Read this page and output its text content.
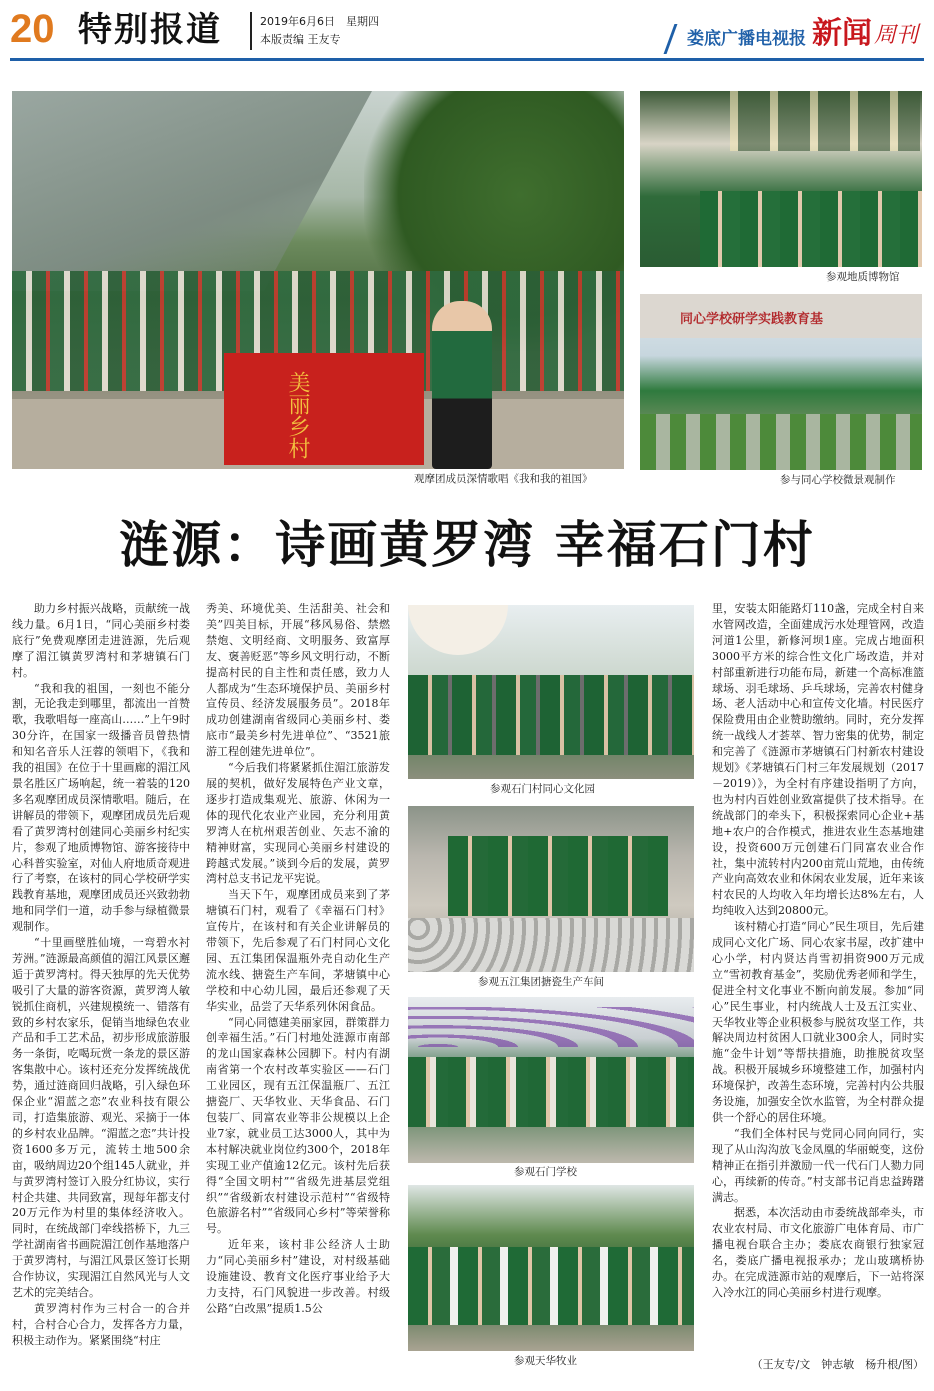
20 特别报道	2019年6月6日　星期四
本版责编 王友专	娄底广播电视报 新闻 周刊
美丽乡村
观摩团成员深情歌唱《我和我的祖国》
参观地质博物馆
同心学校研学实践教育基
参与同心学校微景观制作
涟源：诗画黄罗湾 幸福石门村

助力乡村振兴战略，贡献统一战线力量。6月1日，“同心美丽乡村娄底行”免费观摩团走进涟源，先后观摩了湄江镇黄罗湾村和茅塘镇石门村。

“我和我的祖国，一刻也不能分割，无论我走到哪里，都流出一首赞歌，我歌唱每一座高山……”上午9时30分许，在国家一级播音员曾热情和知名音乐人汪蓉的领唱下，《我和我的祖国》在位于十里画廊的湄江风景名胜区广场响起，统一着装的120多名观摩团成员深情歌唱。随后，在讲解员的带领下，观摩团成员先后观看了黄罗湾村创建同心美丽乡村纪实片，参观了地质博物馆、游客接待中心科普实验室，对仙人府地质奇观进行了考察，在该村的同心学校研学实践教育基地，观摩团成员还兴致勃勃地和同学们一道，动手参与绿植微景观制作。

“十里画壁胜仙境，一弯碧水衬芳洲。”涟源最高颜值的湄江风景区邂逅于黄罗湾村。得天独厚的先天优势吸引了大量的游客资源，黄罗湾人敏锐抓住商机，兴建规模统一、错落有致的乡村农家乐，促销当地绿色农业产品和手工艺术品，初步形成旅游服务一条街，吃喝玩赏一条龙的景区游客集散中心。该村还充分发挥统战优势，通过涟商回归战略，引入绿色环保企业“湄蓝之恋”农业科技有限公司，打造集旅游、观光、采摘于一体的乡村农业品牌。“湄蓝之恋”共计投资1600多万元，流转土地500余亩，吸纳周边20个组145人就业，并与黄罗湾村签订入股分红协议，实行村企共建、共同致富，现每年都支付20万元作为村里的集体经济收入。同时，在统战部门牵线搭桥下，九三学社湖南省书画院湄江创作基地落户于黄罗湾村，与湄江风景区签订长期合作协议，实现湄江自然风光与人文艺术的完美结合。

黄罗湾村作为三村合一的合并村，合村合心合力，发挥各方力量，积极主动作为。紧紧围绕“村庄

秀美、环境优美、生活甜美、社会和美”四美目标，开展“移风易俗、禁燃禁炮、文明经商、文明服务、致富厚友、褒善贬恶”等乡风文明行动，不断提高村民的自主性和责任感，致力人人都成为“生态环境保护员、美丽乡村宣传员、经济发展服务员”。2018年成功创建湖南省级同心美丽乡村、娄底市“最美乡村先进单位”、“3521旅游工程创建先进单位”。

“今后我们将紧紧抓住湄江旅游发展的契机，做好发展特色产业文章，逐步打造成集观光、旅游、休闲为一体的现代化农业产业园，充分利用黄罗湾人在杭州艰苦创业、矢志不渝的精神财富，实现同心美丽乡村建设的跨越式发展。”谈到今后的发展，黄罗湾村总支书记龙平宪说。

当天下午，观摩团成员来到了茅塘镇石门村，观看了《幸福石门村》宣传片，在该村和有关企业讲解员的带领下，先后参观了石门村同心文化园、五江集团保温瓶外壳自动化生产流水线、搪瓷生产车间，茅塘镇中心学校和中心幼儿园，最后还参观了天华实业，品尝了天华系列休闲食品。

“同心同德建美丽家园，群策群力创幸福生活。”石门村地处涟源市南部的龙山国家森林公园脚下。村内有湖南省第一个农村改革实验区——石门工业园区，现有五江保温瓶厂、五江搪瓷厂、天华牧业、天华食品、石门包装厂、同富农业等非公规模以上企业7家，就业员工达3000人，其中为本村解决就业岗位约300个，2018年实现工业产值逾12亿元。该村先后获得“全国文明村”“省级先进基层党组织”“省级新农村建设示范村”“省级特色旅游名村”“省级同心乡村”等荣誉称号。

近年来，该村非公经济人士助力“同心美丽乡村”建设，对村级基础设施建设、教育文化医疗事业给予大力支持，石门风貌进一步改善。村级公路“白改黑”提质1.5公

参观石门村同心文化园
参观五江集团搪瓷生产车间
参观石门学校
参观天华牧业

里，安装太阳能路灯110盏，完成全村自来水管网改造，全面建成污水处理管网，改造河道1公里，新修河坝1座。完成占地面积3000平方米的综合性文化广场改造，并对村部重新进行功能布局，新建一个高标准篮球场、羽毛球场、乒乓球场，完善农村健身场、老人活动中心和宣传文化墙。村民医疗保险费用由企业赞助缴纳。同时，充分发挥统一战线人才荟萃、智力密集的优势，制定和完善了《涟源市茅塘镇石门村新农村建设规划》《茅塘镇石门村三年发展规划（2017－2019）》，为全村有序建设指明了方向，也为村内百姓创业致富提供了技术指导。在统战部门的牵头下，积极探索同心企业+基地+农户的合作模式，推进农业生态基地建设，投资600万元创建石门同富农业合作社，集中流转村内200亩荒山荒地，由传统产业向高效农业和休闲农业发展，近年来该村农民的人均收入年均增长达8%左右，人均纯收入达到20800元。

该村精心打造“同心”民生项目，先后建成同心文化广场、同心农家书屋，改扩建中心小学，村内贤达肖雪初捐资900万元成立“雪初教育基金”，奖励优秀老师和学生，促进全村文化事业不断向前发展。参加“同心”民生事业，村内统战人士及五江实业、天华牧业等企业积极参与脱贫攻坚工作，共解决周边村贫困人口就业300余人，同时实施“金牛计划”等帮扶措施，助推脱贫攻坚战。积极开展城乡环境整建工作，加强村内环境保护，改善生态环境，完善村内公共服务设施，加强安全饮水监管，为全村群众提供一个舒心的居住环境。

“我们全体村民与党同心同向同行，实现了从山沟沟放飞金凤凰的华丽蜕变，这份精神正在指引并激励一代一代石门人勠力同心，再续新的传奇。”村支部书记肖忠益踌躇满志。

据悉，本次活动由市委统战部牵头，市农业农村局、市文化旅游广电体育局、市广播电视台联合主办；娄底农商银行独家冠名，娄底广播电视报承办；龙山玻璃桥协办。在完成涟源市站的观摩后，下一站将深入冷水江的同心美丽乡村进行观摩。

（王友专/文　钟志敏　杨升根/图）
